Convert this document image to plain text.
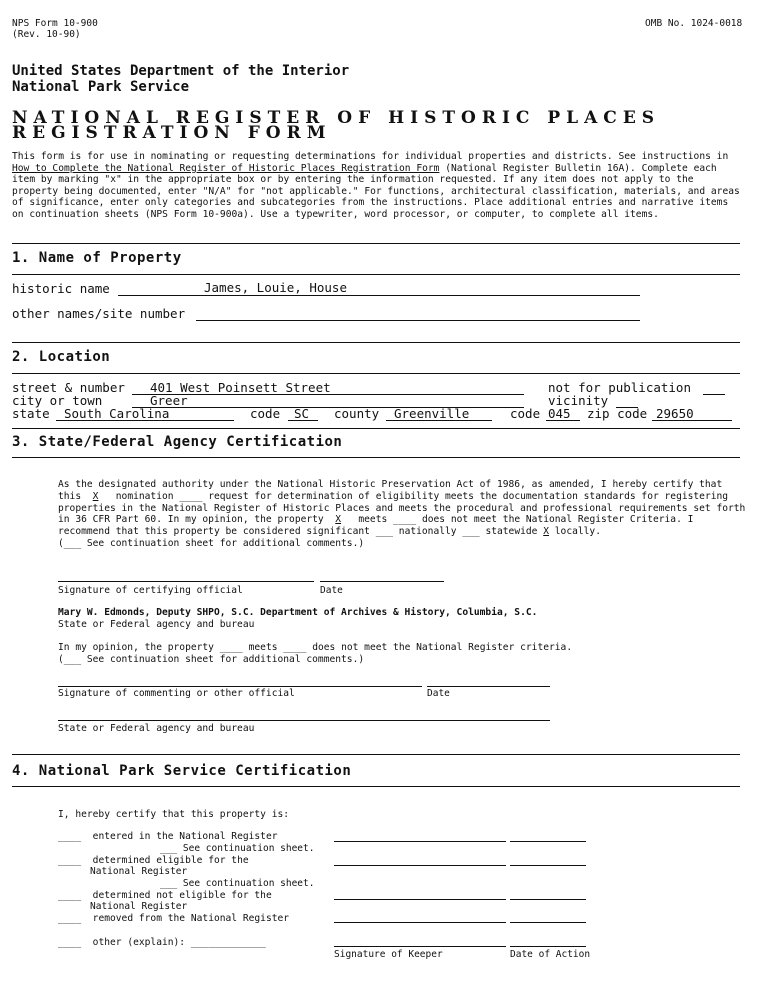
NPS Form 10-900
(Rev. 10-90)
OMB No. 1024-0018
United States Department of the Interior
National Park Service
NATIONAL REGISTER OF HISTORIC PLACES
REGISTRATION FORM
This form is for use in nominating or requesting determinations for individual properties and districts. See instructions in How to Complete the National Register of Historic Places Registration Form (National Register Bulletin 16A). Complete each item by marking "x" in the appropriate box or by entering the information requested. If any item does not apply to the property being documented, enter "N/A" for "not applicable." For functions, architectural classification, materials, and areas of significance, enter only categories and subcategories from the instructions. Place additional entries and narrative items on continuation sheets (NPS Form 10-900a). Use a typewriter, word processor, or computer, to complete all items.
1. Name of Property
historic name	James, Louie, House
other names/site number
2. Location
street & number 401 West Poinsett Street	not for publication
city or town	Greer	vicinity
state South Carolina	code SC county Greenville	code 045 zip code 29650
3. State/Federal Agency Certification
As the designated authority under the National Historic Preservation Act of 1986, as amended, I hereby certify that
this X nomination ____ request for determination of eligibility meets the documentation standards for registering
properties in the National Register of Historic Places and meets the procedural and professional requirements set forth
in 36 CFR Part 60. In my opinion, the property X meets ____ does not meet the National Register Criteria. I
recommend that this property be considered significant ___ nationally ___ statewide X locally.
(___ See continuation sheet for additional comments.)
Signature of certifying official	Date
Mary W. Edmonds, Deputy SHPO, S.C. Department of Archives & History, Columbia, S.C.
State or Federal agency and bureau
In my opinion, the property ____ meets ____ does not meet the National Register criteria.
(___ See continuation sheet for additional comments.)
Signature of commenting or other official	Date
State or Federal agency and bureau
4. National Park Service Certification
I, hereby certify that this property is:
____ entered in the National Register
___ See continuation sheet.
____ determined eligible for the
National Register
___ See continuation sheet.
____ determined not eligible for the
National Register
____ removed from the National Register
____ other (explain): _____________
Signature of Keeper	Date of Action
